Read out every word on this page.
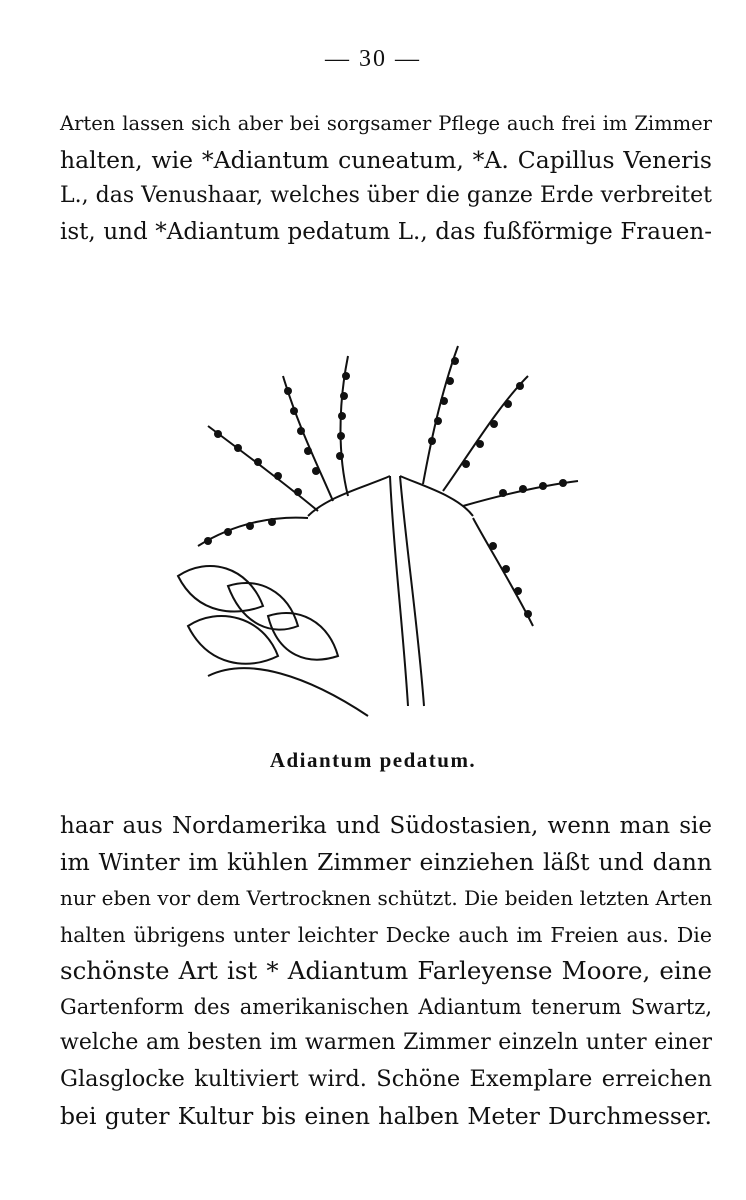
— 30 —
Arten lassen sich aber bei sorgsamer Pflege auch frei im Zimmer
halten, wie *Adiantum cuneatum, *A. Capillus Veneris
L., das Venushaar, welches über die ganze Erde verbreitet
ist, und *Adiantum pedatum L., das fußförmige Frauen-
Adiantum pedatum.
haar aus Nordamerika und Südostasien, wenn man sie
im Winter im kühlen Zimmer einziehen läßt und dann
nur eben vor dem Vertrocknen schützt. Die beiden letzten Arten
halten übrigens unter leichter Decke auch im Freien aus. Die
schönste Art ist * Adiantum Farleyense Moore, eine
Gartenform des amerikanischen Adiantum tenerum Swartz,
welche am besten im warmen Zimmer einzeln unter einer
Glasglocke kultiviert wird. Schöne Exemplare erreichen
bei guter Kultur bis einen halben Meter Durchmesser.
